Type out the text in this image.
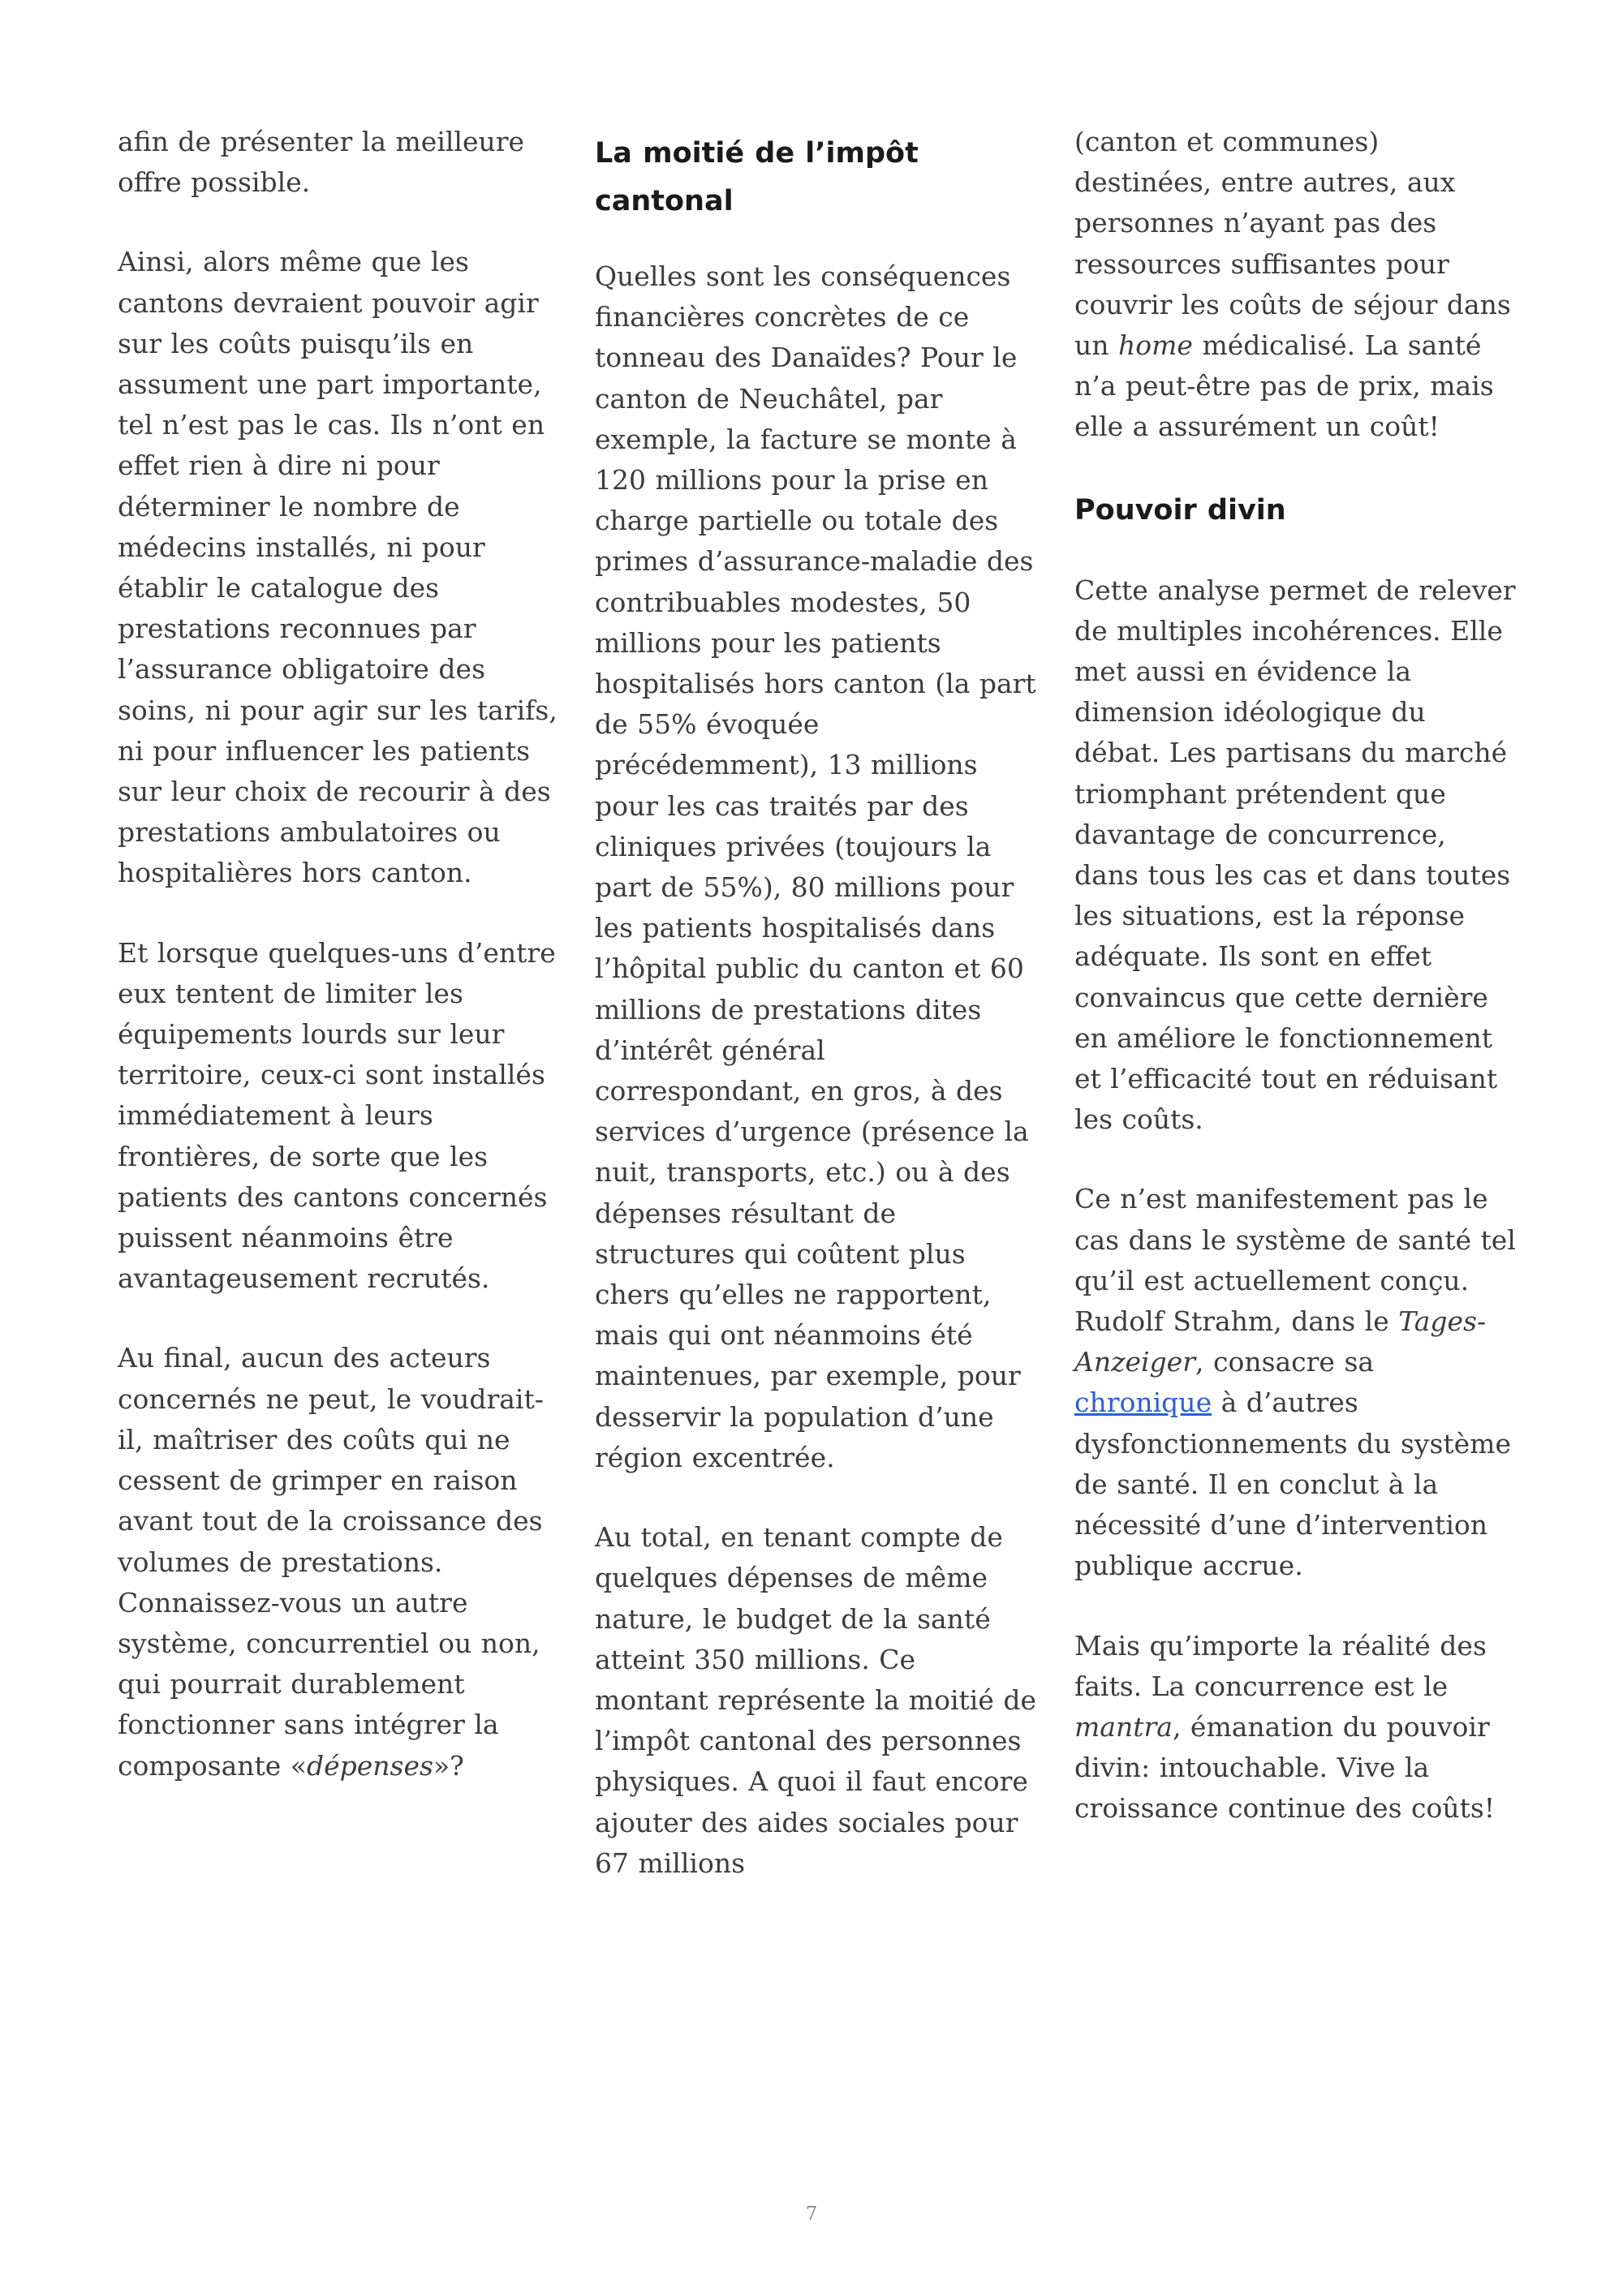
afin de présenter la meilleure offre possible.

Ainsi, alors même que les cantons devraient pouvoir agir sur les coûts puisqu’ils en assument une part importante, tel n’est pas le cas. Ils n’ont en effet rien à dire ni pour déterminer le nombre de médecins installés, ni pour établir le catalogue des prestations reconnues par l’assurance obligatoire des soins, ni pour agir sur les tarifs, ni pour influencer les patients sur leur choix de recourir à des prestations ambulatoires ou hospitalières hors canton.

Et lorsque quelques-uns d’entre eux tentent de limiter les équipements lourds sur leur territoire, ceux-ci sont installés immédiatement à leurs frontières, de sorte que les patients des cantons concernés puissent néanmoins être avantageusement recrutés.

Au final, aucun des acteurs concernés ne peut, le voudrait-il, maîtriser des coûts qui ne cessent de grimper en raison avant tout de la croissance des volumes de prestations. Connaissez-vous un autre système, concurrentiel ou non, qui pourrait durablement fonctionner sans intégrer la composante «dépenses»?

La moitié de l’impôt cantonal

Quelles sont les conséquences financières concrètes de ce tonneau des Danaïdes? Pour le canton de Neuchâtel, par exemple, la facture se monte à 120 millions pour la prise en charge partielle ou totale des primes d’assurance-maladie des contribuables modestes, 50 millions pour les patients hospitalisés hors canton (la part de 55% évoquée précédemment), 13 millions pour les cas traités par des cliniques privées (toujours la part de 55%), 80 millions pour les patients hospitalisés dans l’hôpital public du canton et 60 millions de prestations dites d’intérêt général correspondant, en gros, à des services d’urgence (présence la nuit, transports, etc.) ou à des dépenses résultant de structures qui coûtent plus chers qu’elles ne rapportent, mais qui ont néanmoins été maintenues, par exemple, pour desservir la population d’une région excentrée.

Au total, en tenant compte de quelques dépenses de même nature, le budget de la santé atteint 350 millions. Ce montant représente la moitié de l’impôt cantonal des personnes physiques. A quoi il faut encore ajouter des aides sociales pour 67 millions

(canton et communes) destinées, entre autres, aux personnes n’ayant pas des ressources suffisantes pour couvrir les coûts de séjour dans un home médicalisé. La santé n’a peut-être pas de prix, mais elle a assurément un coût!

Pouvoir divin

Cette analyse permet de relever de multiples incohérences. Elle met aussi en évidence la dimension idéologique du débat. Les partisans du marché triomphant prétendent que davantage de concurrence, dans tous les cas et dans toutes les situations, est la réponse adéquate. Ils sont en effet convaincus que cette dernière en améliore le fonctionnement et l’efficacité tout en réduisant les coûts.

Ce n’est manifestement pas le cas dans le système de santé tel qu’il est actuellement conçu. Rudolf Strahm, dans le Tages-Anzeiger, consacre sa chronique à d’autres dysfonctionnements du système de santé. Il en conclut à la nécessité d’une d’intervention publique accrue.

Mais qu’importe la réalité des faits. La concurrence est le mantra, émanation du pouvoir divin: intouchable. Vive la croissance continue des coûts!

7
